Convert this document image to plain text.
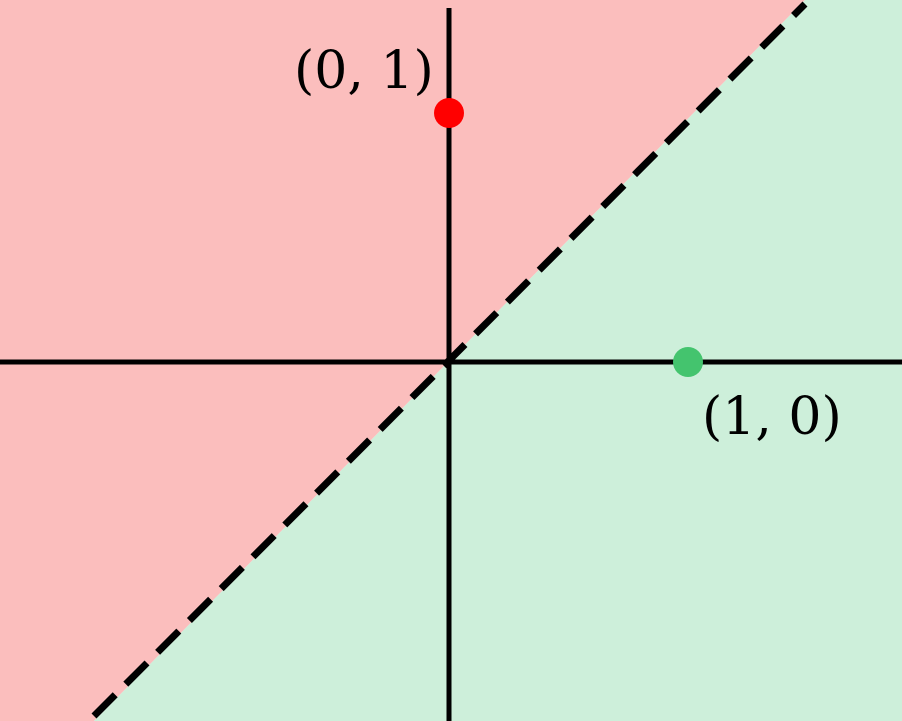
(0, 1)
(1, 0)
